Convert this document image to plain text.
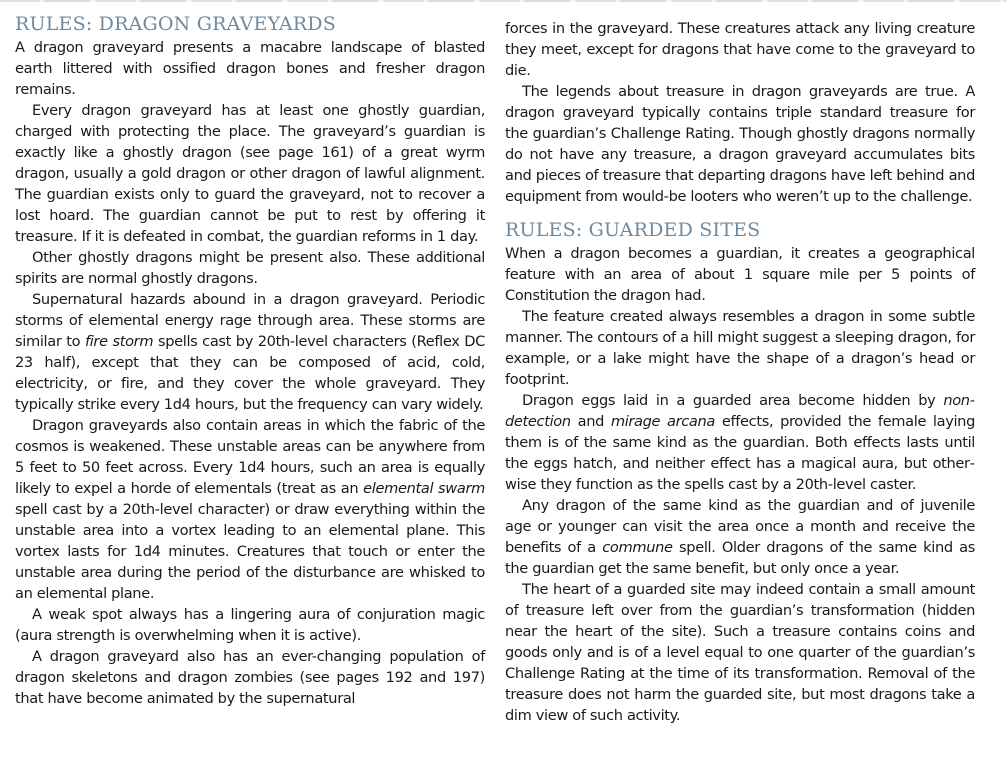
RULES: DRAGON GRAVEYARDS

A dragon graveyard presents a macabre landscape of blasted earth littered with ossified dragon bones and fresher dragon remains.

Every dragon graveyard has at least one ghostly guardian, charged with protecting the place. The graveyard’s guardian is exactly like a ghostly dragon (see page 161) of a great wyrm dragon, usually a gold dragon or other dragon of lawful alignment. The guardian exists only to guard the graveyard, not to recover a lost hoard. The guardian cannot be put to rest by offering it treasure. If it is defeated in combat, the guardian reforms in 1 day.

Other ghostly dragons might be present also. These additional spirits are normal ghostly dragons.

Supernatural hazards abound in a dragon graveyard. Periodic storms of elemental energy rage through area. These storms are similar to fire storm spells cast by 20th-level characters (Reflex DC 23 half), except that they can be composed of acid, cold, electricity, or fire, and they cover the whole graveyard. They typically strike every 1d4 hours, but the frequency can vary widely.

Dragon graveyards also contain areas in which the fabric of the cosmos is weakened. These unstable areas can be anywhere from 5 feet to 50 feet across. Every 1d4 hours, such an area is equally likely to expel a horde of elementals (treat as an elemental swarm spell cast by a 20th-level character) or draw everything within the unstable area into a vortex leading to an elemental plane. This vortex lasts for 1d4 minutes. Creatures that touch or enter the unstable area during the period of the disturbance are whisked to an elemental plane.

A weak spot always has a lingering aura of conjuration magic (aura strength is overwhelming when it is active).

A dragon graveyard also has an ever-changing population of dragon skeletons and dragon zombies (see pages 192 and 197) that have become animated by the supernatural

forces in the graveyard. These creatures attack any living creature they meet, except for dragons that have come to the graveyard to die.

The legends about treasure in dragon graveyards are true. A dragon graveyard typically contains triple standard treasure for the guardian’s Challenge Rating. Though ghostly dragons normally do not have any treasure, a dragon graveyard accumulates bits and pieces of treasure that departing dragons have left behind and equipment from would-be looters who weren’t up to the challenge.

RULES: GUARDED SITES

When a dragon becomes a guardian, it creates a geographical feature with an area of about 1 square mile per 5 points of Constitution the dragon had.

The feature created always resembles a dragon in some subtle manner. The contours of a hill might suggest a sleeping dragon, for example, or a lake might have the shape of a dragon’s head or footprint.

Dragon eggs laid in a guarded area become hidden by nondetection and mirage arcana effects, provided the female laying them is of the same kind as the guardian. Both effects lasts until the eggs hatch, and neither effect has a magical aura, but otherwise they function as the spells cast by a 20th-level caster.

Any dragon of the same kind as the guardian and of juvenile age or younger can visit the area once a month and receive the benefits of a commune spell. Older dragons of the same kind as the guardian get the same benefit, but only once a year.

The heart of a guarded site may indeed contain a small amount of treasure left over from the guardian’s transformation (hidden near the heart of the site). Such a treasure contains coins and goods only and is of a level equal to one quarter of the guardian’s Challenge Rating at the time of its transformation. Removal of the treasure does not harm the guarded site, but most dragons take a dim view of such activity.
